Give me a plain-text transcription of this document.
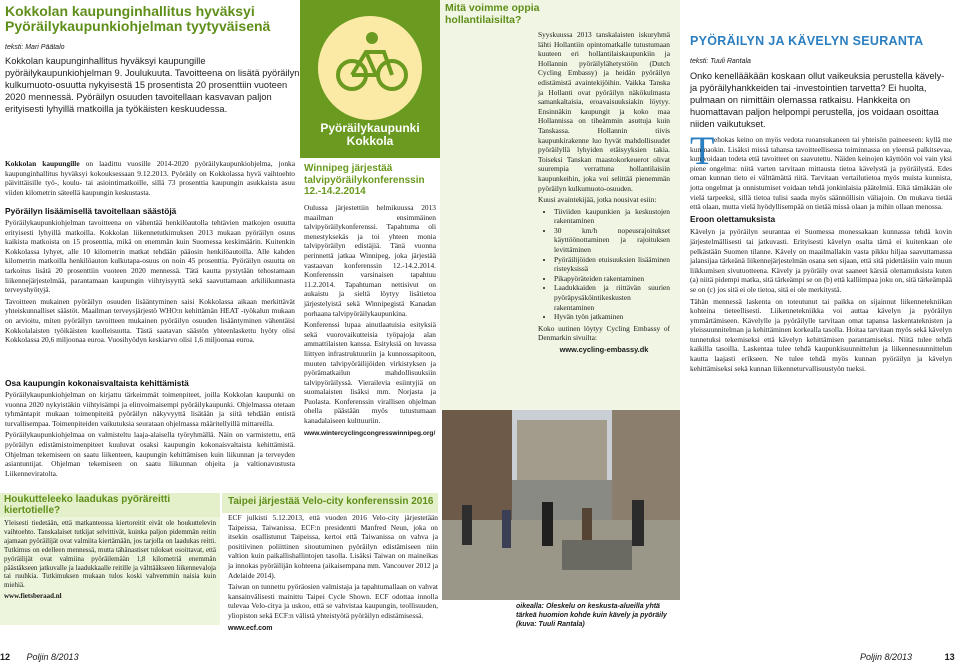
Kokkolan kaupunginhallitus hyväksyi
Pyöräilykaupunkiohjelman tyytyväisenä
teksti: Mari Päätalo
Kokkolan kaupunginhallitus hyväksyi kaupungille pyöräilykaupunkiohjelman 9. Joulukuuta. Tavoitteena on lisätä pyöräilyn kulkumuoto-osuutta nykyisestä 15 prosentista 20 prosenttiin vuoteen 2020 mennessä. Pyöräilyn osuuden tavoitellaan kasvavan paljon erityisesti lyhyillä matkoilla ja työkäisten keskuudessa.

Kokkolan kaupungille on laadittu vuosille 2014-2020 pyöräilykaupunkiohjelma, jonka kaupunginhallitus hyväksyi kokouksessaan 9.12.2013. Pyöräily on Kokkolassa hyvä vaihtoehto päivittäisille työ-, koulu- tai asiointimatkoille, sillä 73 prosenttia kaupungin asukkaista asuu viiden kilometrin säteellä kaupungin keskustasta.

Pyöräilyn lisäämisellä tavoitellaan säästöjä

Pyöräilykaupunkiohjelman tavoitteena on vähentää henkilöautolla tehtävien matkojen osuutta erityisesti lyhyillä matkoilla. Kokkolan liikennetutkimuksen 2013 mukaan pyöräilyn osuus kaikista matkoista on 15 prosenttia, mikä on enemmän kuin Suomessa keskimäärin. Kuitenkin Kokkolassa lyhyet, alle 10 kilometrin matkat tehdään pääosin henkilöautoilla. Alle kahden kilometrin matkoilla henkilöauton kulkutapa-osuus on noin 45 prosenttia. Pyöräilyn osuutta on tarkoitus lisätä 20 prosenttiin vuoteen 2020 mennessä. Tätä kautta pystytään tehostamaan liikennejärjestelmää, parantamaan kaupungin viihtyisyyttä sekä saavuttamaan arkiliikunnasta terveyshyötyjä.

Tavoitteen mukainen pyöräilyn osuuden lisääntyminen saisi Kokkolassa aikaan merkittävät yhteiskunnalliset säästöt. Maailman terveysjärjestö WHO:n kehittämän HEAT -työkalun mukaan on arvioitu, miten pyöräilyn tavoitteen mukainen pyöräilyn osuuden lisääntyminen vähentäisi Kokkolalaisten työikäisten kuolleisuutta. Tästä saatavan säästön yhteenlaskettu hyöty olisi Kokkolassa 20,6 miljoonaa euroa. Vuosihyödyn keskiarvo olisi 1,6 miljoonaa euroa.

Osa kaupungin kokonaisvaltaista kehittämistä

Pyöräilykaupunkiohjelman on kirjattu tärkeimmät toimenpiteet, joilla Kokkolan kaupunki on vuonna 2020 nykyistäkin viihtyisämpi ja elinvoimaisempi pyöräilykaupunki. Ohjelmassa otetaan tyhmäntapit mukaan toimenpiteitä pyöräilyn näkyvyyttä lisätään ja siitä tehdään entistä turvallisempaa. Toimenpiteiden vaikutuksia seurataan ohjelmassa määritellyillä mittareilla.

Pyöräilykaupunkiohjelmaa on valmisteltu laaja-alaisella työryhmällä. Näin on varmistettu, että pyöräilyn edistämistoimenpiteet kuuluvat osaksi kaupungin kokonaisvaltaista kehittämistä. Ohjelman tekemiseen on saatu liikenteen, kaupungin kehittämisen kuin liikunnan ja terveyden asiantuntijat. Ohjelman tekemiseen on saatu liikunnan ohjeita ja valtionavustusta Liikenneviratolta.

Houkutteleeko laadukas pyöräreitti kiertotielle?

Yleisesti tiedetään, että matkanteossa kiertoreitit eivät ole houkuttelevin vaihtoehto. Tanskalaiset tutkijat selvittivät, kuinka paljon pidemmän reitin ajamaan pyöräilijät ovat valmiita kiertämään, jos tarjolla on laadukas reitti. Tutkimus on edelleen mennessä, mutta tähänastiset tulokset osoittavat, että pyöräilijät ovat valmiina pyöräilemään 1,8 kilometriä enemmän päästäkseen jatkuvalle ja laadukkaalle reitille ja välttääkseen liikennevaloja tai ruuhkia. Tutkimuksen mukaan tulos koski vahvemmin naisia kuin miehiä.

www.fietsberaad.nl

12 Poljin 8/2013
Pyöräilykaupunki
Kokkola
Winnipeg järjestää talvipyöräilykonferenssin 12.-14.2.2014

Oulussa järjestettiin helmikuussa 2013 maailman ensimmäinen talvipyöräilykonferenssi. Tapahtuma oli menestyksekäs ja toi yhteen monia talvipyöräilyn edistäjiä. Tänä vuonna perinnettä jatkaa Winnipeg, joka järjestää vastaavan konferenssin 12.-14.2.2014. Konferenssin varsinaisen tapahtuu 11.2.2014. Tapahtuman nettisivut on aukaistu ja sieltä löytyy lisätietoa järjestelyistä sekä Winnipegistä Kanadan porhaana talvipyöräilykaupunkina.

Konferenssi lupaa ainutlaatuisia esityksiä sekä vuorovaikutteisia työpajoja alan ammattilaisten kanssa. Esityksiä on luvassa liittyen infrastruktuuriin ja kunnossapitoon, muuten talvipyöräilijöiden virkistyksen ja pyörämatkailun mahdollisuuksiin talvipyöräilyssä. Vierailevia esiintyjiä on suomalaisten lisäksi mm. Norjasta ja Puolasta. Konferenssin virallisen ohjelman ohella päästään myös tutustumaan kanadalaiseen kulttuuriin.

www.wintercyclingcongresswinnipeg.org/

Taipei järjestää Velo-city konferenssin 2016

ECF julkisti 5.12.2013, että vuoden 2016 Velo-city järjestetään Taipeissa, Taiwanissa. ECF:n presidentti Manfred Neun, joka on itsekin osallistunut Taipeissa, kertoi että Taiwanissa on vahva ja positiivinen poliittinen sitoutuminen pyöräilyn edistämiseen niin valtion kuin paikallishallintojen tasolla. Lisäksi Taiwan on maineikas ja innokas pyöräilijän kohteena (aikaisempana mm. Vancouver 2012 ja Adelaide 2014).

Taiwan on tunnettu pyöräosien valmistaja ja tapahtumallaan on vahvat kansainvälisesti mainittu Taipei Cycle Shown. ECF odottaa innolla tulevaa Velo-citya ja uskoo, että se vahvistaa kaupungin, teollisuuden, yliopiston sekä ECF:n välistä yhteistyötä pyöräilyn edistämisessä.

www.ecf.com

Mitä voimme oppia hollantilaisilta?

Syyskuussa 2013 tanskalaisten iskuryhmä lähti Hollantiin opintomatkalle tutustumaan kuuteen eri hollantilaiskaupunkiin ja Hollannin pyöräilylähetystöön (Dutch Cycling Embassy) ja heidän pyöräilyn edistämistä avaintekijöihin. Vaikka Tanska ja Hollanti ovat pyöräilyn näkökulmasta samankaltaisia, eroavaisuuksiakin löytyy. Ensinnäkin kaupungit ja koko maa Hollannissa on tiheämmin asuttuja kuin Tanskassa. Hollannin tiivis kaupunkirakenne luo hyvät mahdollisuudet pyöräilyllä lyhyiden etäisyyksien takia. Toiseksi Tanskan maastokorkeuerot olivat suurempia verrattuna hollantilaisiin kaupunkeihin, joka voi selittää pienemmän pyöräilyn kulkumuoto-osuuden.

Kuusi avaintekijää, jotka nousivat esiin:

• Tiiviiden kaupunkien ja keskustojen rakentaminen
• 30 km/h nopeusrajoitukset käyttöönottaminen ja rajoituksen levittäminen
• Pyöräilijöiden etuisuuksien lisääminen risteyksissä
• Pikapyöräteiden rakentaminen
• Laadukkaiden ja riittävän suurien pyöräpysäköintikeskusten rakentaminen
• Hyvän työn jatkaminen

Koko uutinen löytyy Cycling Embassy of Denmarkin sivuilta:

www.cycling-embassy.dk

oikealla: Oleskelu on keskusta-alueilla yhtä tärkeä huomion kohde kuin kävely ja pyöräily (kuva: Tuuli Rantala)
PYÖRÄILYN JA KÄVELYN SEURANTA
teksti: Tuuli Rantala
Onko kenellääkään koskaan ollut vaikeuksia perustella kävely- ja pyöräilyhankkeiden tai -investointien tarvetta? Ei huolta, pulmaan on nimittäin olemassa ratkaisu. Hankkeita on huomattavan paljon helpompi perustella, jos voidaan osoittaa niiden vaikutukset.
T ehokas keino on myös vedota ruoansukaneen tai yhteisön paineeseen: kyllä me kun naokin. Lisäksi missä tahansa tavoitteellisessa toiminnassa on yleensä palkitsevaa, kun voidaan todeta että tavoitteet on saavutettu. Näiden keinojen käyttöön voi vain yksi piene ongelma: niitä varten tarvitaan mittausta tietoa kävelystä ja pyöräilystä. Edes oman kunnan tieto ei välttämättä riitä. Tarvitaan vertailutietoa myös muista kunnista, jotta ongelmat ja onnistumiset voidaan tehdä jonkinlaisia päätelmiä. Eikä tämäkään ole vielä tarpeeksi, sillä tietoa tulisi saada myös säännöllisin väliajoin. On mukava tietää että olaan, mutta vielä hyödyllisempää on tietää missä olaan ja mihin ollaan menossa.

Eroon olettamuksista

Kävelyn ja pyöräilyn seurantaa ei Suomessa monessakaan kunnassa tehdä kovin järjestelmällisesti tai jatkuvasti. Erityisesti kävelyn osalta tämä ei kuitenkaan ole pelkästään Suomen tilanne. Kävely on maailmallakin vasta pikku hiljaa saavuttamassa jalansijaa tärkeänä liikennejärjestelmän osana sen sijaan, että sitä pidettäisiin vain muun liikkumisen sivutuotteena. Kävely ja pyöräily ovat saaneet kärsiä olettamuksista kuten (a) niitä pidempi matka, sitä tärkeämpi se on (b) että kalliimpaa joku on, sitä tärkeämpää se on (c) jos sitä ei ole tietoa, sitä ei ole merkitystä.

Tähän mennessä laskenta on toteutunut tai paikka on sijainnut liikennetekniikan kohteina tieteellisesti. Liikennetekniikka voi auttaa kävelyn ja pyöräilyn ymmärtämiseen. Kävelylle ja pyöräilylle tarvitaan omat tapansa laskentateknisten ja yleissuunnitelman ja kehittäminen korkealla tasolla. Hoitaa tarvitaan myös sekä kävelyn tunnetuksi tekemiseksi että kävelyn kehittämisen parantamiseksi. Niitä tulee tehdä kaikilla tasoilla. Laskentaa tulee tehdä kaupunkisuunnittelun ja liikennesuunnittelun kautta laajasti erikseen. Ne tulee tehdä myös kunnan pyöräilyn ja kävelyn kehittämiseksi sekä kunnan liikenneturvallisuustyön tueksi.

Poljin 8/2013	13
